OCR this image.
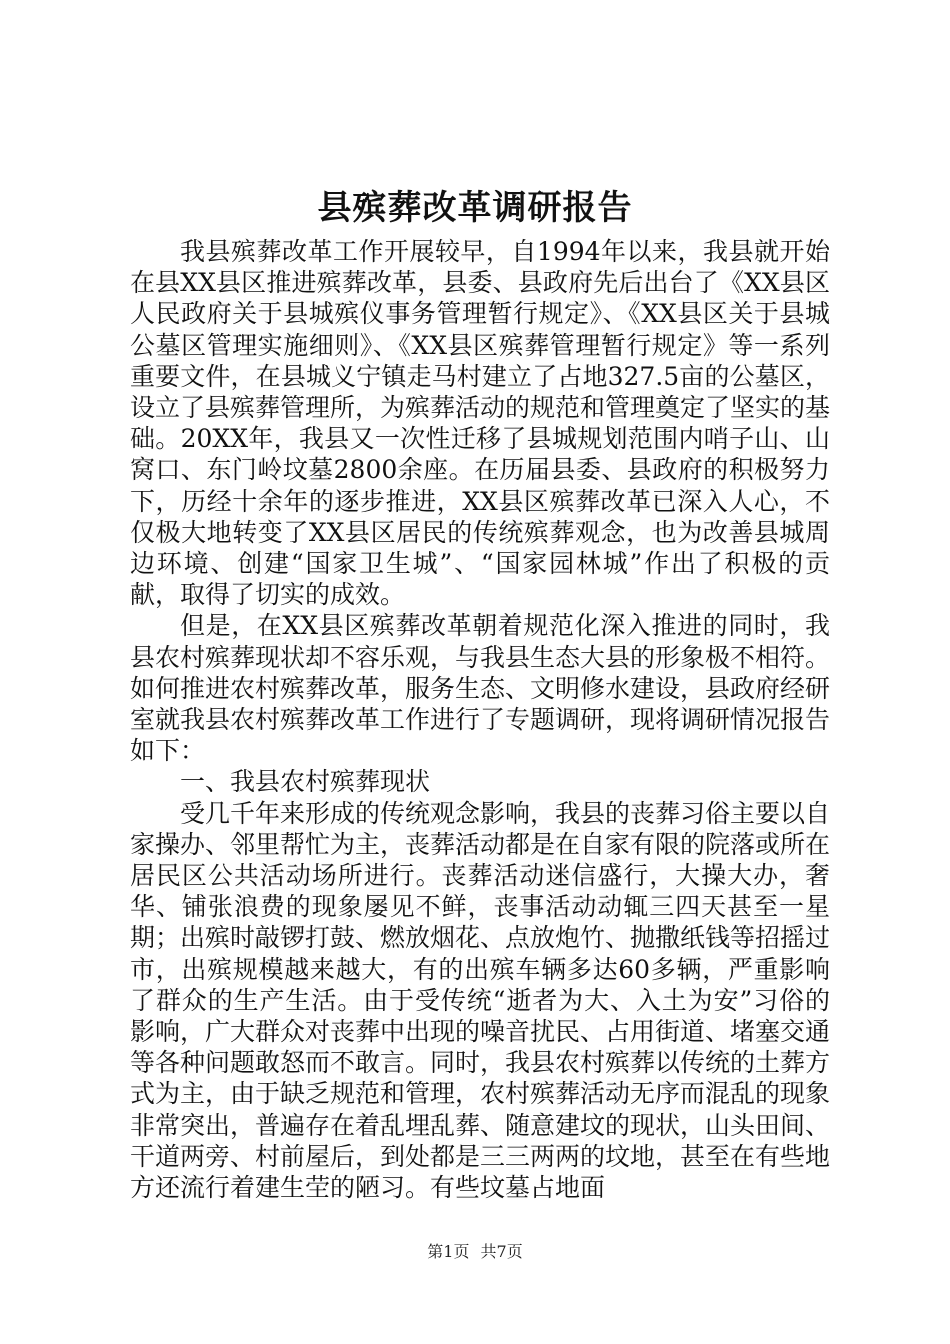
县殡葬改革调研报告

我县殡葬改革工作开展较早，自1994年以来，我县就开始在县XX县区推进殡葬改革，县委、县政府先后出台了《XX县区人民政府关于县城殡仪事务管理暂行规定》、《XX县区关于县城公墓区管理实施细则》、《XX县区殡葬管理暂行规定》等一系列重要文件，在县城义宁镇走马村建立了占地327.5亩的公墓区，设立了县殡葬管理所，为殡葬活动的规范和管理奠定了坚实的基础。20XX年，我县又一次性迁移了县城规划范围内哨子山、山窝口、东门岭坟墓2800余座。在历届县委、县政府的积极努力下，历经十余年的逐步推进，XX县区殡葬改革已深入人心，不仅极大地转变了XX县区居民的传统殡葬观念，也为改善县城周边环境、创建“国家卫生城”、“国家园林城”作出了积极的贡献，取得了切实的成效。

但是，在XX县区殡葬改革朝着规范化深入推进的同时，我县农村殡葬现状却不容乐观，与我县生态大县的形象极不相符。如何推进农村殡葬改革，服务生态、文明修水建设，县政府经研室就我县农村殡葬改革工作进行了专题调研，现将调研情况报告如下：

一、我县农村殡葬现状

受几千年来形成的传统观念影响，我县的丧葬习俗主要以自家操办、邻里帮忙为主，丧葬活动都是在自家有限的院落或所在居民区公共活动场所进行。丧葬活动迷信盛行，大操大办，奢华、铺张浪费的现象屡见不鲜，丧事活动动辄三四天甚至一星期；出殡时敲锣打鼓、燃放烟花、点放炮竹、抛撒纸钱等招摇过市，出殡规模越来越大，有的出殡车辆多达60多辆，严重影响了群众的生产生活。由于受传统“逝者为大、入土为安”习俗的影响，广大群众对丧葬中出现的噪音扰民、占用街道、堵塞交通等各种问题敢怒而不敢言。同时，我县农村殡葬以传统的土葬方式为主，由于缺乏规范和管理，农村殡葬活动无序而混乱的现象非常突出，普遍存在着乱埋乱葬、随意建坟的现状，山头田间、干道两旁、村前屋后，到处都是三三两两的坟地，甚至在有些地方还流行着建生茔的陋习。有些坟墓占地面

第1页 共7页
